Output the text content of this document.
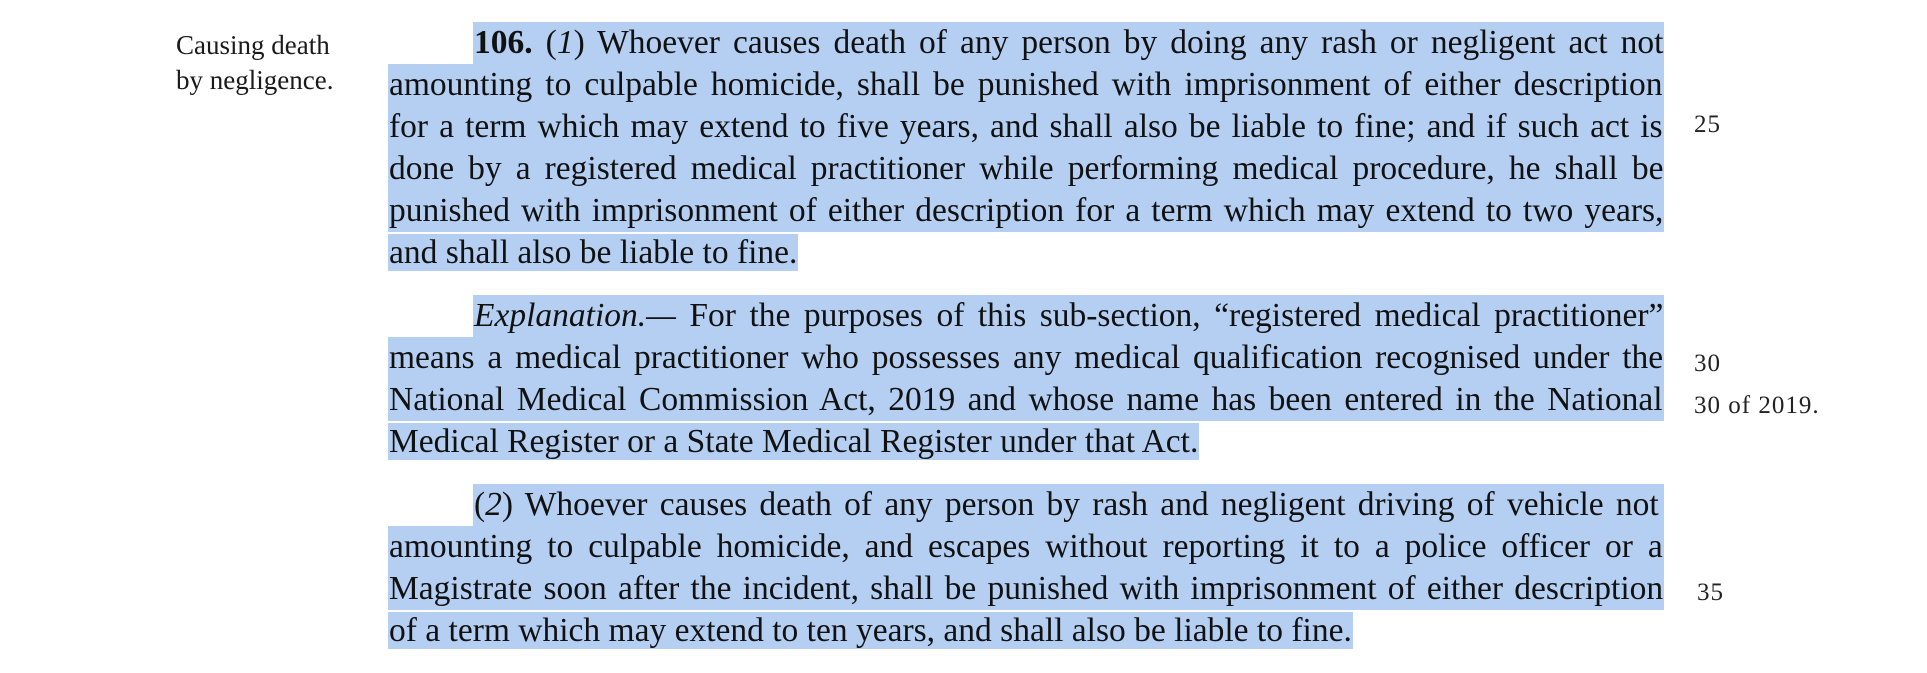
Causing death
by negligence.
106. (1) Whoever causes death of any person by doing any rash or negligent act not
amounting to culpable homicide, shall be punished with imprisonment of either description
for a term which may extend to five years, and shall also be liable to fine; and if such act is
done by a registered medical practitioner while performing medical procedure, he shall be
punished with imprisonment of either description for a term which may extend to two years,
and shall also be liable to fine.
Explanation.— For the purposes of this sub-section, “registered medical practitioner”
means a medical practitioner who possesses any medical qualification recognised under the
National Medical Commission Act, 2019 and whose name has been entered in the National
Medical Register or a State Medical Register under that Act.
(2) Whoever causes death of any person by rash and negligent driving of vehicle not
amounting to culpable homicide, and escapes without reporting it to a police officer or a
Magistrate soon after the incident, shall be punished with imprisonment of either description
of a term which may extend to ten years, and shall also be liable to fine.
25
30
30 of 2019.
35
